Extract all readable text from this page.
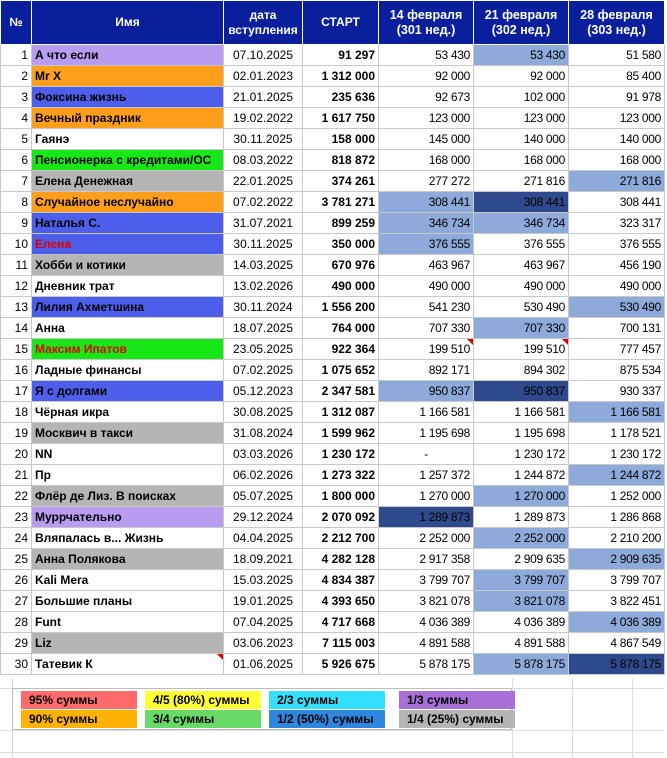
№	Имя	дата вступления	СТАРТ	14 февраля (301 нед.)	21 февраля (302 нед.)	28 февраля (303 нед.)
1	А что если	07.10.2025	91 297	53 430	53 430	51 580
2	Mr X	02.01.2023	1 312 000	92 000	92 000	85 400
3	Фоксина жизнь	21.01.2025	235 636	92 673	102 000	91 978
4	Вечный праздник	19.02.2022	1 617 750	123 000	123 000	123 000
5	Гаянэ	30.11.2025	158 000	145 000	140 000	140 000
6	Пенсионерка с кредитами/ОС	08.03.2022	818 872	168 000	168 000	168 000
7	Елена Денежная	22.01.2025	374 261	277 272	271 816	271 816
8	Случайное неслучайно	07.02.2022	3 781 271	308 441	308 441	308 441
9	Наталья С.	31.07.2021	899 259	346 734	346 734	323 317
10	Елена	30.11.2025	350 000	376 555	376 555	376 555
11	Хобби и котики	14.03.2025	670 976	463 967	463 967	456 190
12	Дневник трат	13.02.2026	490 000	490 000	490 000	490 000
13	Лилия Ахметшина	30.11.2024	1 556 200	541 230	530 490	530 490
14	Анна	18.07.2025	764 000	707 330	707 330	700 131
15	Максим Ипатов	23.05.2025	922 364	199 510	199 510	777 457
16	Ладные финансы	07.02.2025	1 075 652	892 171	894 302	875 534
17	Я с долгами	05.12.2023	2 347 581	950 837	950 837	930 337
18	Чёрная икра	30.08.2025	1 312 087	1 166 581	1 166 581	1 166 581
19	Москвич в такси	31.08.2024	1 599 962	1 195 698	1 195 698	1 178 521
20	NN	03.03.2026	1 230 172	-	1 230 172	1 230 172
21	Пр	06.02.2026	1 273 322	1 257 372	1 244 872	1 244 872
22	Флёр де Лиз. В поисках	05.07.2025	1 800 000	1 270 000	1 270 000	1 252 000
23	Муррчательно	29.12.2024	2 070 092	1 289 873	1 289 873	1 286 868
24	Вляпалась в... Жизнь	04.04.2025	2 212 700	2 252 000	2 252 000	2 210 200
25	Анна Полякова	18.09.2021	4 282 128	2 917 358	2 909 635	2 909 635
26	Kali Mera	15.03.2025	4 834 387	3 799 707	3 799 707	3 799 707
27	Большие планы	19.01.2025	4 393 650	3 821 078	3 821 078	3 822 451
28	Funt	07.04.2025	4 717 668	4 036 389	4 036 389	4 036 389
29	Liz	03.06.2023	7 115 003	4 891 588	4 891 588	4 867 549
30	Татевик К	01.06.2025	5 926 675	5 878 175	5 878 175	5 878 175
95% суммы	4/5 (80%) суммы	2/3 суммы	1/3 суммы
90% суммы	3/4 суммы	1/2 (50%) суммы	1/4 (25%) суммы
